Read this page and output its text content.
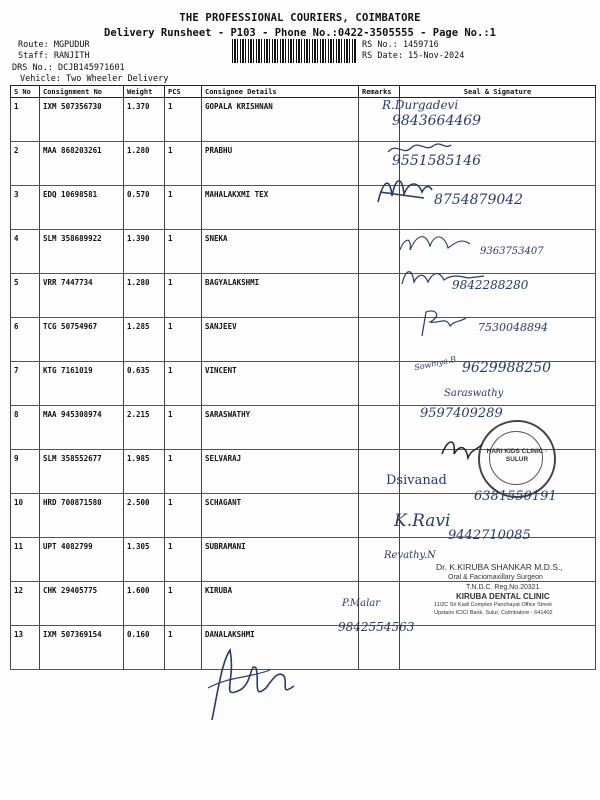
THE PROFESSIONAL COURIERS, COIMBATORE
Delivery Runsheet - P103 - Phone No.:0422-3505555 - Page No.:1
Route: MGPUDUR
Staff: RANJITH
DRS No.: DCJB145971601
Vehicle: Two Wheeler Delivery
RS No.: 1459716
RS Date: 15-Nov-2024
S No	Consignment No	Weight	PCS	Consignee Details	Remarks	Seal & Signature
1	IXM 507356730	1.370	1	GOPALA KRISHNAN		
2	MAA 868203261	1.280	1	PRABHU		
3	EDQ 10698581	0.570	1	MAHALAKXMI TEX		
4	SLM 358689922	1.390	1	SNEKA		
5	VRR 7447734	1.280	1	BAGYALAKSHMI		
6	TCG 50754967	1.285	1	SANJEEV		
7	KTG 7161019	0.635	1	VINCENT		
8	MAA 945308974	2.215	1	SARASWATHY		
9	SLM 358552677	1.985	1	SELVARAJ		
10	HRD 700871580	2.500	1	SCHAGANT		
11	UPT 4082799	1.305	1	SUBRAMANI		
12	CHK 29405775	1.600	1	KIRUBA		
13	IXM 507369154	0.160	1	DANALAKSHMI		
R.Durgadevi
9843664469
9551585146
8754879042
9363753407
9842288280
7530048894
Sowmya.B 9629988250
Saraswathy
9597409289
HARI KIDS CLINIC · SULUR
Dsivanad
6381550191
K.Ravi
9442710085
Revathy.N
Dr. K.KIRUBA SHANKAR M.D.S.,
Oral & Faciomaxillary Surgeon
T.N.D.C. Reg.No.20321
KIRUBA DENTAL CLINIC
11/2C Sri Kadi Complex Panchayat Office Street
Upstairs ICICI Bank, Sulur, Coimbatore - 641402
P.Malar
9842554563
